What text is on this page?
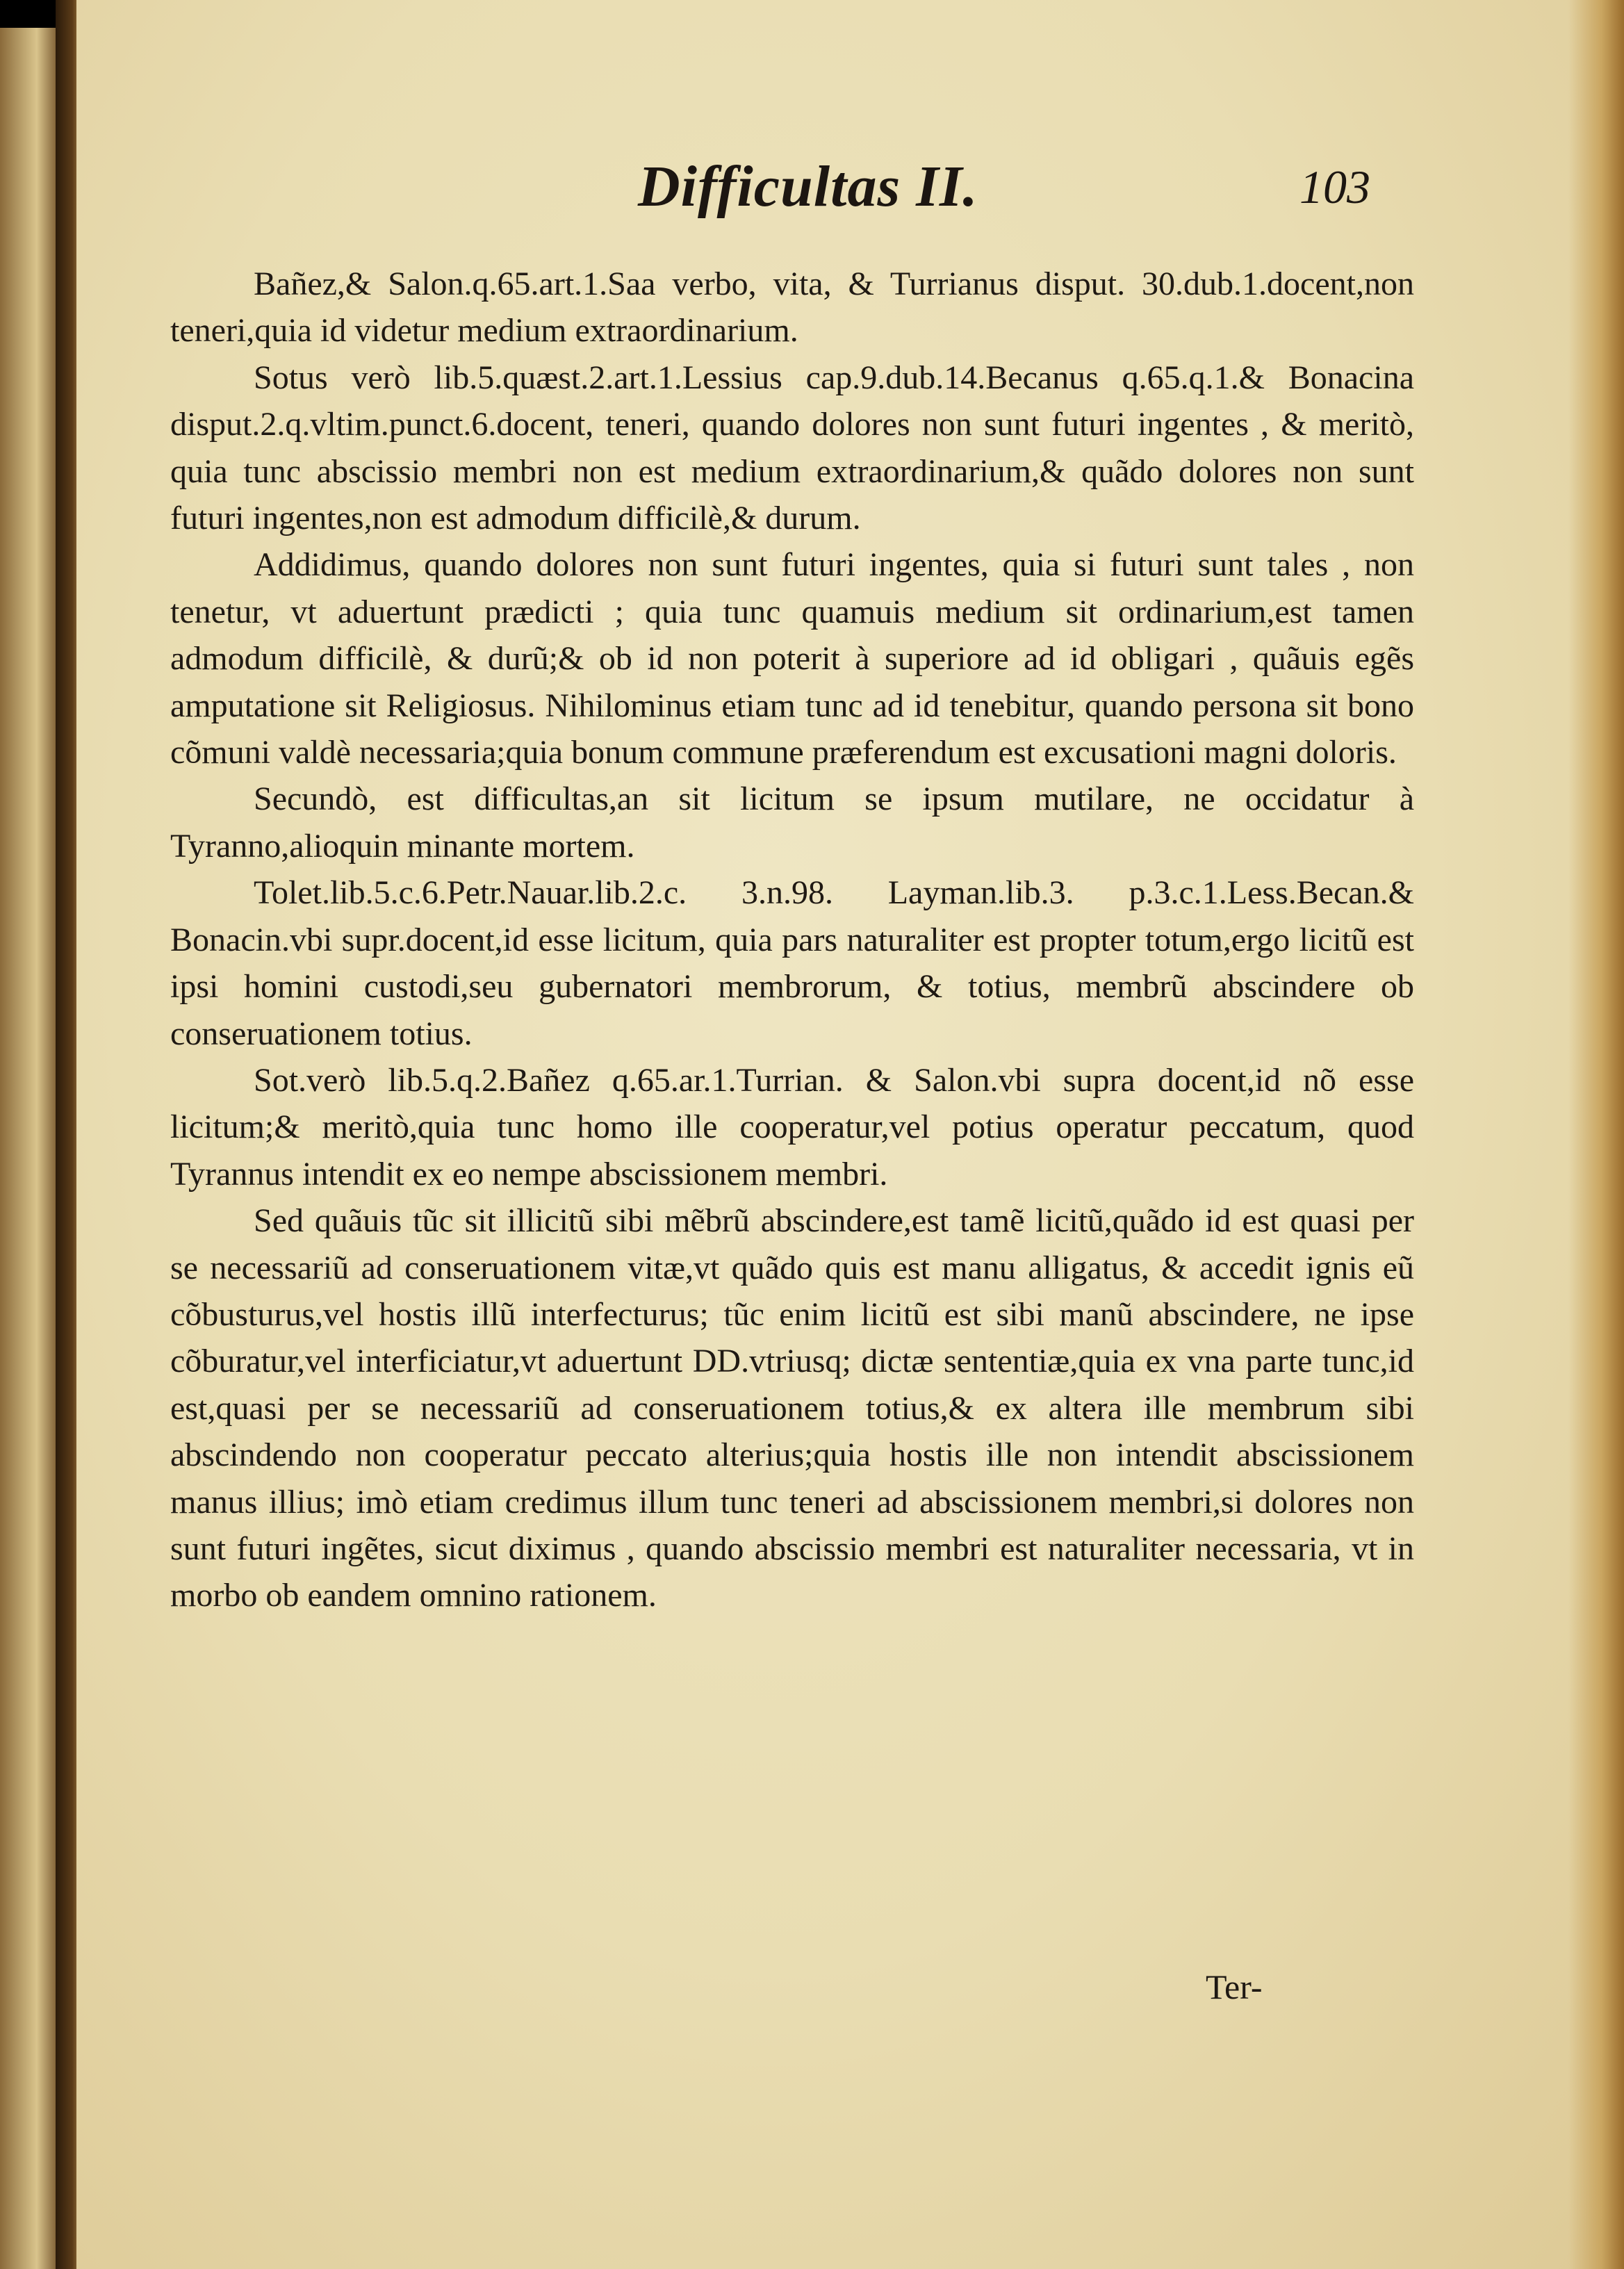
Difficultas II.	103

Bañez,& Salon.q.65.art.1.Saa verbo, vita, & Turrianus disput. 30.dub.1.docent,non teneri,quia id videtur medium extraordinarium.

Sotus verò lib.5.quæst.2.art.1.Lessius cap.9.dub.14.Becanus q.65.q.1.& Bonacina disput.2.q.vltim.punct.6.docent, teneri, quando dolores non sunt futuri ingentes , & meritò, quia tunc abscissio membri non est medium extraordinarium,& quãdo dolores non sunt futuri ingentes,non est admodum difficilè,& durum.

Addidimus, quando dolores non sunt futuri ingentes, quia si futuri sunt tales , non tenetur, vt aduertunt prædicti ; quia tunc quamuis medium sit ordinarium,est tamen admodum difficilè, & durũ;& ob id non poterit à superiore ad id obligari , quãuis egẽs amputatione sit Religiosus. Nihilominus etiam tunc ad id tenebitur, quando persona sit bono cõmuni valdè necessaria;quia bonum commune præferendum est excusationi magni doloris.

Secundò, est difficultas,an sit licitum se ipsum mutilare, ne occidatur à Tyranno,alioquin minante mortem.

Tolet.lib.5.c.6.Petr.Nauar.lib.2.c. 3.n.98. Layman.lib.3. p.3.c.1.Less.Becan.& Bonacin.vbi supr.docent,id esse licitum, quia pars naturaliter est propter totum,ergo licitũ est ipsi homini custodi,seu gubernatori membrorum, & totius, membrũ abscindere ob conseruationem totius.

Sot.verò lib.5.q.2.Bañez q.65.ar.1.Turrian. & Salon.vbi supra docent,id nõ esse licitum;& meritò,quia tunc homo ille cooperatur,vel potius operatur peccatum, quod Tyrannus intendit ex eo nempe abscissionem membri.

Sed quãuis tũc sit illicitũ sibi mẽbrũ abscindere,est tamẽ licitũ,quãdo id est quasi per se necessariũ ad conseruationem vitæ,vt quãdo quis est manu alligatus, & accedit ignis eũ cõbusturus,vel hostis illũ interfecturus; tũc enim licitũ est sibi manũ abscindere, ne ipse cõburatur,vel interficiatur,vt aduertunt DD.vtriusq; dictæ sententiæ,quia ex vna parte tunc,id est,quasi per se necessariũ ad conseruationem totius,& ex altera ille membrum sibi abscindendo non cooperatur peccato alterius;quia hostis ille non intendit abscissionem manus illius; imò etiam credimus illum tunc teneri ad abscissionem membri,si dolores non sunt futuri ingẽtes, sicut diximus , quando abscissio membri est naturaliter necessaria, vt in morbo ob eandem omnino rationem.

Ter-
